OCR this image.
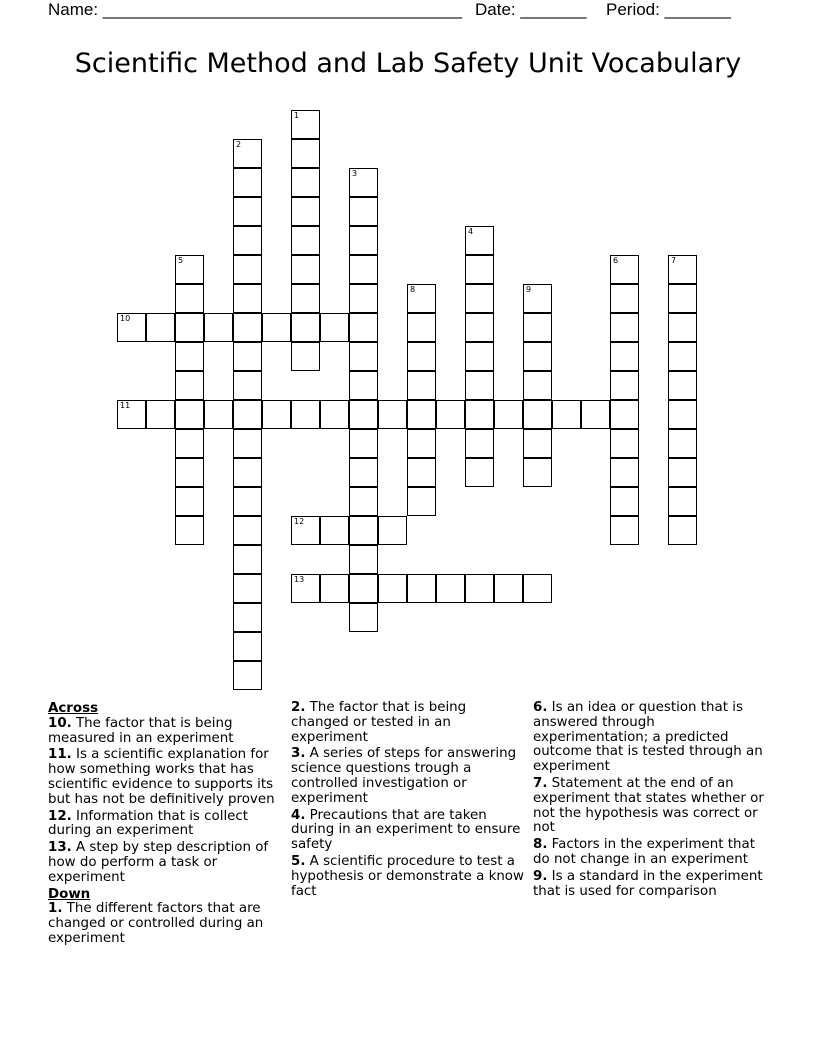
Name: ______________________________________

Date: _______

Period: _______

Scientific Method and Lab Safety Unit Vocabulary
10
11
12
13
1
2
3
4
5	6	7
8	9
Across
10. The factor that is being measured in an experiment
11. Is a scientific explanation for how something works that has scientific evidence to supports its but has not be definitively proven
12. Information that is collect during an experiment
13. A step by step description of how do perform a task or experiment
Down
1. The different factors that are changed or controlled during an experiment
2. The factor that is being changed or tested in an experiment
3. A series of steps for answering science questions trough a controlled investigation or experiment
4. Precautions that are taken during in an experiment to ensure safety
5. A scientific procedure to test a hypothesis or demonstrate a know fact
6. Is an idea or question that is answered through experimentation; a predicted outcome that is tested through an experiment
7. Statement at the end of an experiment that states whether or not the hypothesis was correct or not
8. Factors in the experiment that do not change in an experiment
9. Is a standard in the experiment that is used for comparison
